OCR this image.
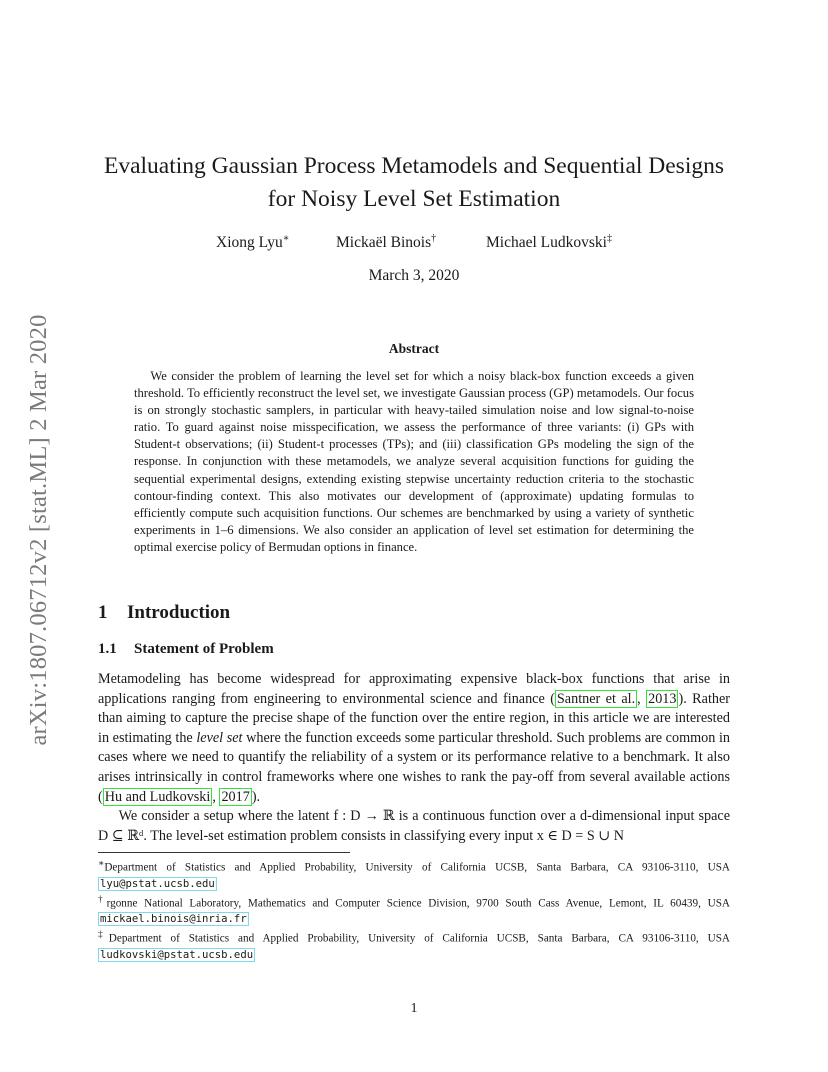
arXiv:1807.06712v2 [stat.ML] 2 Mar 2020
Evaluating Gaussian Process Metamodels and Sequential Designs
for Noisy Level Set Estimation
Xiong Lyu∗	Mickaël Binois†	Michael Ludkovski‡
March 3, 2020
Abstract

We consider the problem of learning the level set for which a noisy black-box function exceeds a given threshold. To efficiently reconstruct the level set, we investigate Gaussian process (GP) metamodels. Our focus is on strongly stochastic samplers, in particular with heavy-tailed simulation noise and low signal-to-noise ratio. To guard against noise misspecification, we assess the performance of three variants: (i) GPs with Student-t observations; (ii) Student-t processes (TPs); and (iii) classification GPs modeling the sign of the response. In conjunction with these metamodels, we analyze several acquisition functions for guiding the sequential experimental designs, extending existing stepwise uncertainty reduction criteria to the stochastic contour-finding context. This also motivates our development of (approximate) updating formulas to efficiently compute such acquisition functions. Our schemes are benchmarked by using a variety of synthetic experiments in 1–6 dimensions. We also consider an application of level set estimation for determining the optimal exercise policy of Bermudan options in finance.

1 Introduction
1.1 Statement of Problem

Metamodeling has become widespread for approximating expensive black-box functions that arise in applications ranging from engineering to environmental science and finance ( Santner et al. , 2013 ). Rather than aiming to capture the precise shape of the function over the entire region, in this article we are interested in estimating the level set where the function exceeds some particular threshold. Such problems are common in cases where we need to quantify the reliability of a system or its performance relative to a benchmark. It also arises intrinsically in control frameworks where one wishes to rank the pay-off from several available actions ( Hu and Ludkovski , 2017 ).

We consider a setup where the latent f : D → ℝ is a continuous function over a d-dimensional input space D ⊆ ℝᵈ. The level-set estimation problem consists in classifying every input x ∈ D = S ∪ N

∗Department of Statistics and Applied Probability, University of California UCSB, Santa Barbara, CA 93106-3110, USA lyu@pstat.ucsb.edu

†rgonne National Laboratory, Mathematics and Computer Science Division, 9700 South Cass Avenue, Lemont, IL 60439, USA mickael.binois@inria.fr

‡Department of Statistics and Applied Probability, University of California UCSB, Santa Barbara, CA 93106-3110, USA ludkovski@pstat.ucsb.edu

1
